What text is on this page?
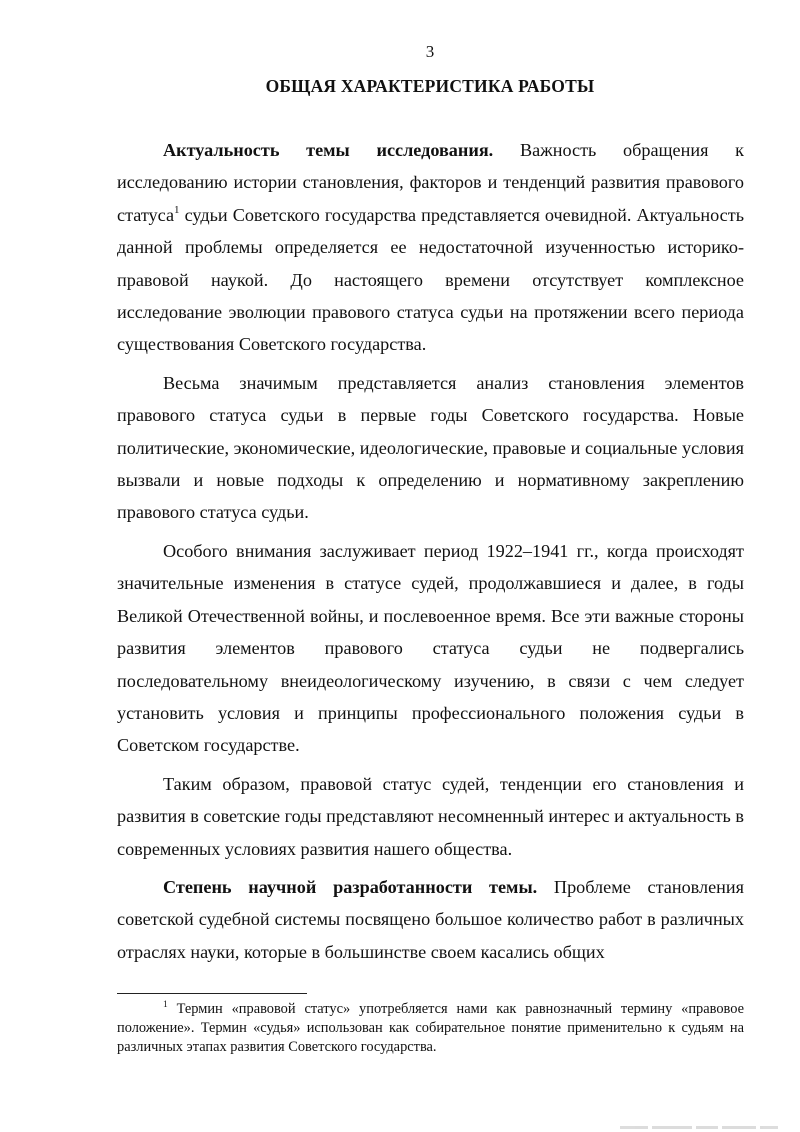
3
ОБЩАЯ ХАРАКТЕРИСТИКА РАБОТЫ

Актуальность темы исследования. Важность обращения к исследованию истории становления, факторов и тенденций развития правового статуса$^1$ судьи Советского государства представляется очевидной. Актуальность данной проблемы определяется ее недостаточной изученностью историко-правовой наукой. До настоящего времени отсутствует комплексное исследование эволюции правового статуса судьи на протяжении всего периода существования Советского государства.

Весьма значимым представляется анализ становления элементов правового статуса судьи в первые годы Советского государства. Новые политические, экономические, идеологические, правовые и социальные условия вызвали и новые подходы к определению и нормативному закреплению правового статуса судьи.

Особого внимания заслуживает период 1922–1941 гг., когда происходят значительные изменения в статусе судей, продолжавшиеся и далее, в годы Великой Отечественной войны, и послевоенное время. Все эти важные стороны развития элементов правового статуса судьи не подвергались последовательному внеидеологическому изучению, в связи с чем следует установить условия и принципы профессионального положения судьи в Советском государстве.

Таким образом, правовой статус судей, тенденции его становления и развития в советские годы представляют несомненный интерес и актуальность в современных условиях развития нашего общества.

Степень научной разработанности темы. Проблеме становления советской судебной системы посвящено большое количество работ в различных отраслях науки, которые в большинстве своем касались общих

$^1$ Термин «правовой статус» употребляется нами как равнозначный термину «правовое положение». Термин «судья» использован как собирательное понятие применительно к судьям на различных этапах развития Советского государства.
